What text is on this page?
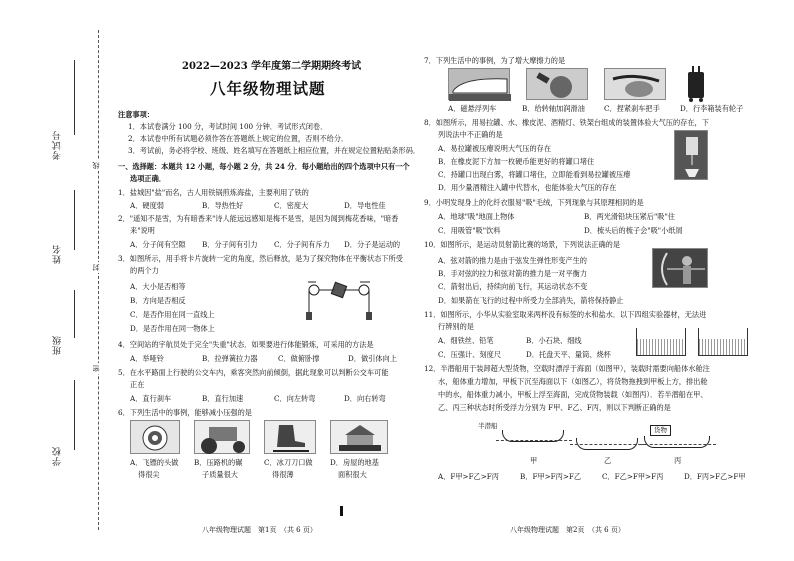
考试号
姓名
班级
学校
线
封
密
2022—2023 学年度第二学期期终考试
八年级物理试题
注意事项：
1．本试卷满分 100 分，考试时间 100 分钟．考试形式闭卷．
2．本试卷中所有试题必须作答在答题纸上规定的位置，否则不给分．
3．考试前，务必将学校、班级、姓名填写在答题纸上相应位置，并在规定位置粘贴条形码．
一、选择题：本题共 12 小题，每小题 2 分，共 24 分．每小题给出的四个选项中只有一个
选项正确．
1．盐城因"盐"而名，古人用铁锅煎炼海盐，主要利用了铁的
A．硬度弱	B．导热性好	C．密度大	D．导电性佳
2．"遥知不是雪，为有暗香来"诗人能远远感知是梅不是雪，是因为闻到梅花香味，"暗香
来"说明
A．分子间有空隙 B．分子间有引力 C．分子间有斥力 D．分子是运动的
3．如图所示，用手将卡片旋转一定的角度，然后释放，是为了探究物体在平衡状态下所受
的两个力
A．大小是否相等
B．方向是否相反
C．是否作用在同一直线上
D．是否作用在同一物体上
4．空间站的宇航员处于完全"失重"状态．如果要进行体能锻炼，可采用的方法是
A．举哑铃	B．拉弹簧拉力器	C．做俯卧撑	D．做引体向上
5．在水平路面上行驶的公交车内，乘客突然向前倾倒，据此现象可以判断公交车可能
正在
A．直行刹车	B．直行加速	C．向左转弯	D．向右转弯
6．下列生活中的事例，能够减小压强的是
A．飞镖的头做
得很尖
B．压路机的碾
子质量很大
C．冰刀刀口做
得很薄
D．房屋的地基
面积很大
八年级物理试题　第1页　（共 6 页）
7．下列生活中的事例，为了增大摩擦力的是
A．磁悬浮列车	B．给转轴加润滑油	C．捏紧刹车把手	D．行李箱装有轮子
8．如图所示，用易拉罐、水、橡皮泥、酒精灯、铁架台组成的装置体验大气压的存在，下
列说法中不正确的是
A．易拉罐被压瘪说明大气压的存在
B．在橡皮泥下方加一枚硬币能更好的将罐口堵住
C．持罐口出现白雾，将罐口堵住，立即能看到易拉罐被压瘪
D．用少量酒精注入罐中代替水，也能体验大气压的存在
9．小明发现身上的化纤衣服易"吸"毛绒，下列现象与其原理相同的是
A．地球"吸"地面上物体	B．两光滑铅块压紧后"吸"住
C．用吸管"吸"饮料	D．梳头后的梳子会"吸"小纸屑
10．如图所示，是运动员射箭比赛的场景，下列说法正确的是
A．弦对箭的推力是由于弦发生弹性形变产生的
B．手对弦的拉力和弦对箭的推力是一对平衡力
C．箭射出后，持续向前飞行，其运动状态不变
D．如果箭在飞行的过程中所受力全部消失，箭将保持静止
11．如图所示，小华从实验室取来两杯没有标签的水和盐水．以下四组实验器材，无法进
行辨别的是
A．细铁丝、铅笔	B．小石块、细线
C．压强计、刻度尺	D．托盘天平、量筒、烧杯
12．半潜船用于装卸超大型货物，空载时漂浮于海面（如图甲），装载时需要向船体水舱注
水，船体重力增加，甲板下沉至海面以下（如图乙），将货物拖拽到甲板上方，排出舱
中的水，船体重力减小，甲板上浮至海面，完成货物装载（如图丙）．若半潜船在甲、
乙、丙三种状态时所受浮力分别为 F甲、F乙、F丙，则以下判断正确的是
半潜船	货物
甲	乙	丙
A．F甲>F乙>F丙	B．F甲>F丙>F乙	C．F乙>F甲>F丙	D．F丙>F乙>F甲
八年级物理试题　第2页　（共 6 页）
